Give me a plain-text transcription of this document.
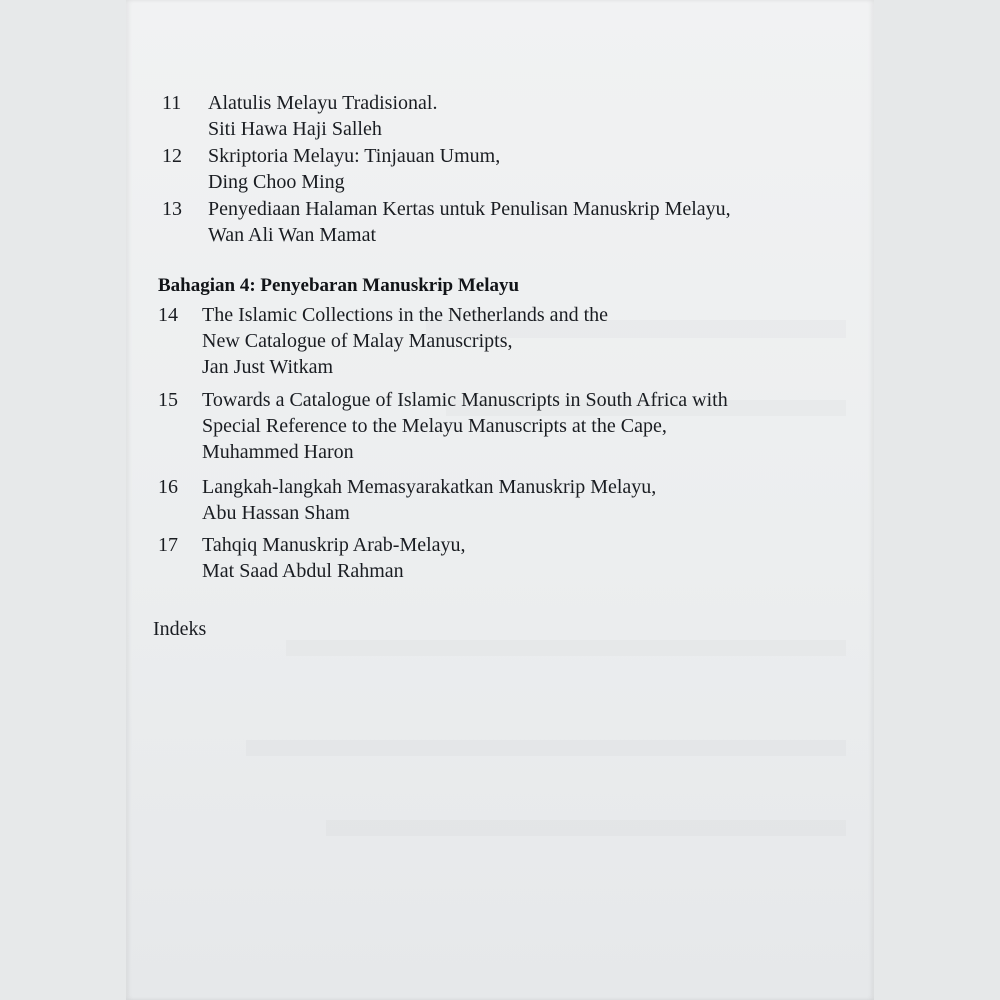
11	Alatulis Melayu Tradisional.
Siti Hawa Haji Salleh
12	Skriptoria Melayu: Tinjauan Umum,
Ding Choo Ming
13	Penyediaan Halaman Kertas untuk Penulisan Manuskrip Melayu,
Wan Ali Wan Mamat
Bahagian 4: Penyebaran Manuskrip Melayu
14	The Islamic Collections in the Netherlands and the
New Catalogue of Malay Manuscripts,
Jan Just Witkam
15	Towards a Catalogue of Islamic Manuscripts in South Africa with
Special Reference to the Melayu Manuscripts at the Cape,
Muhammed Haron
16	Langkah-langkah Memasyarakatkan Manuskrip Melayu,
Abu Hassan Sham
17	Tahqiq Manuskrip Arab-Melayu,
Mat Saad Abdul Rahman
Indeks
